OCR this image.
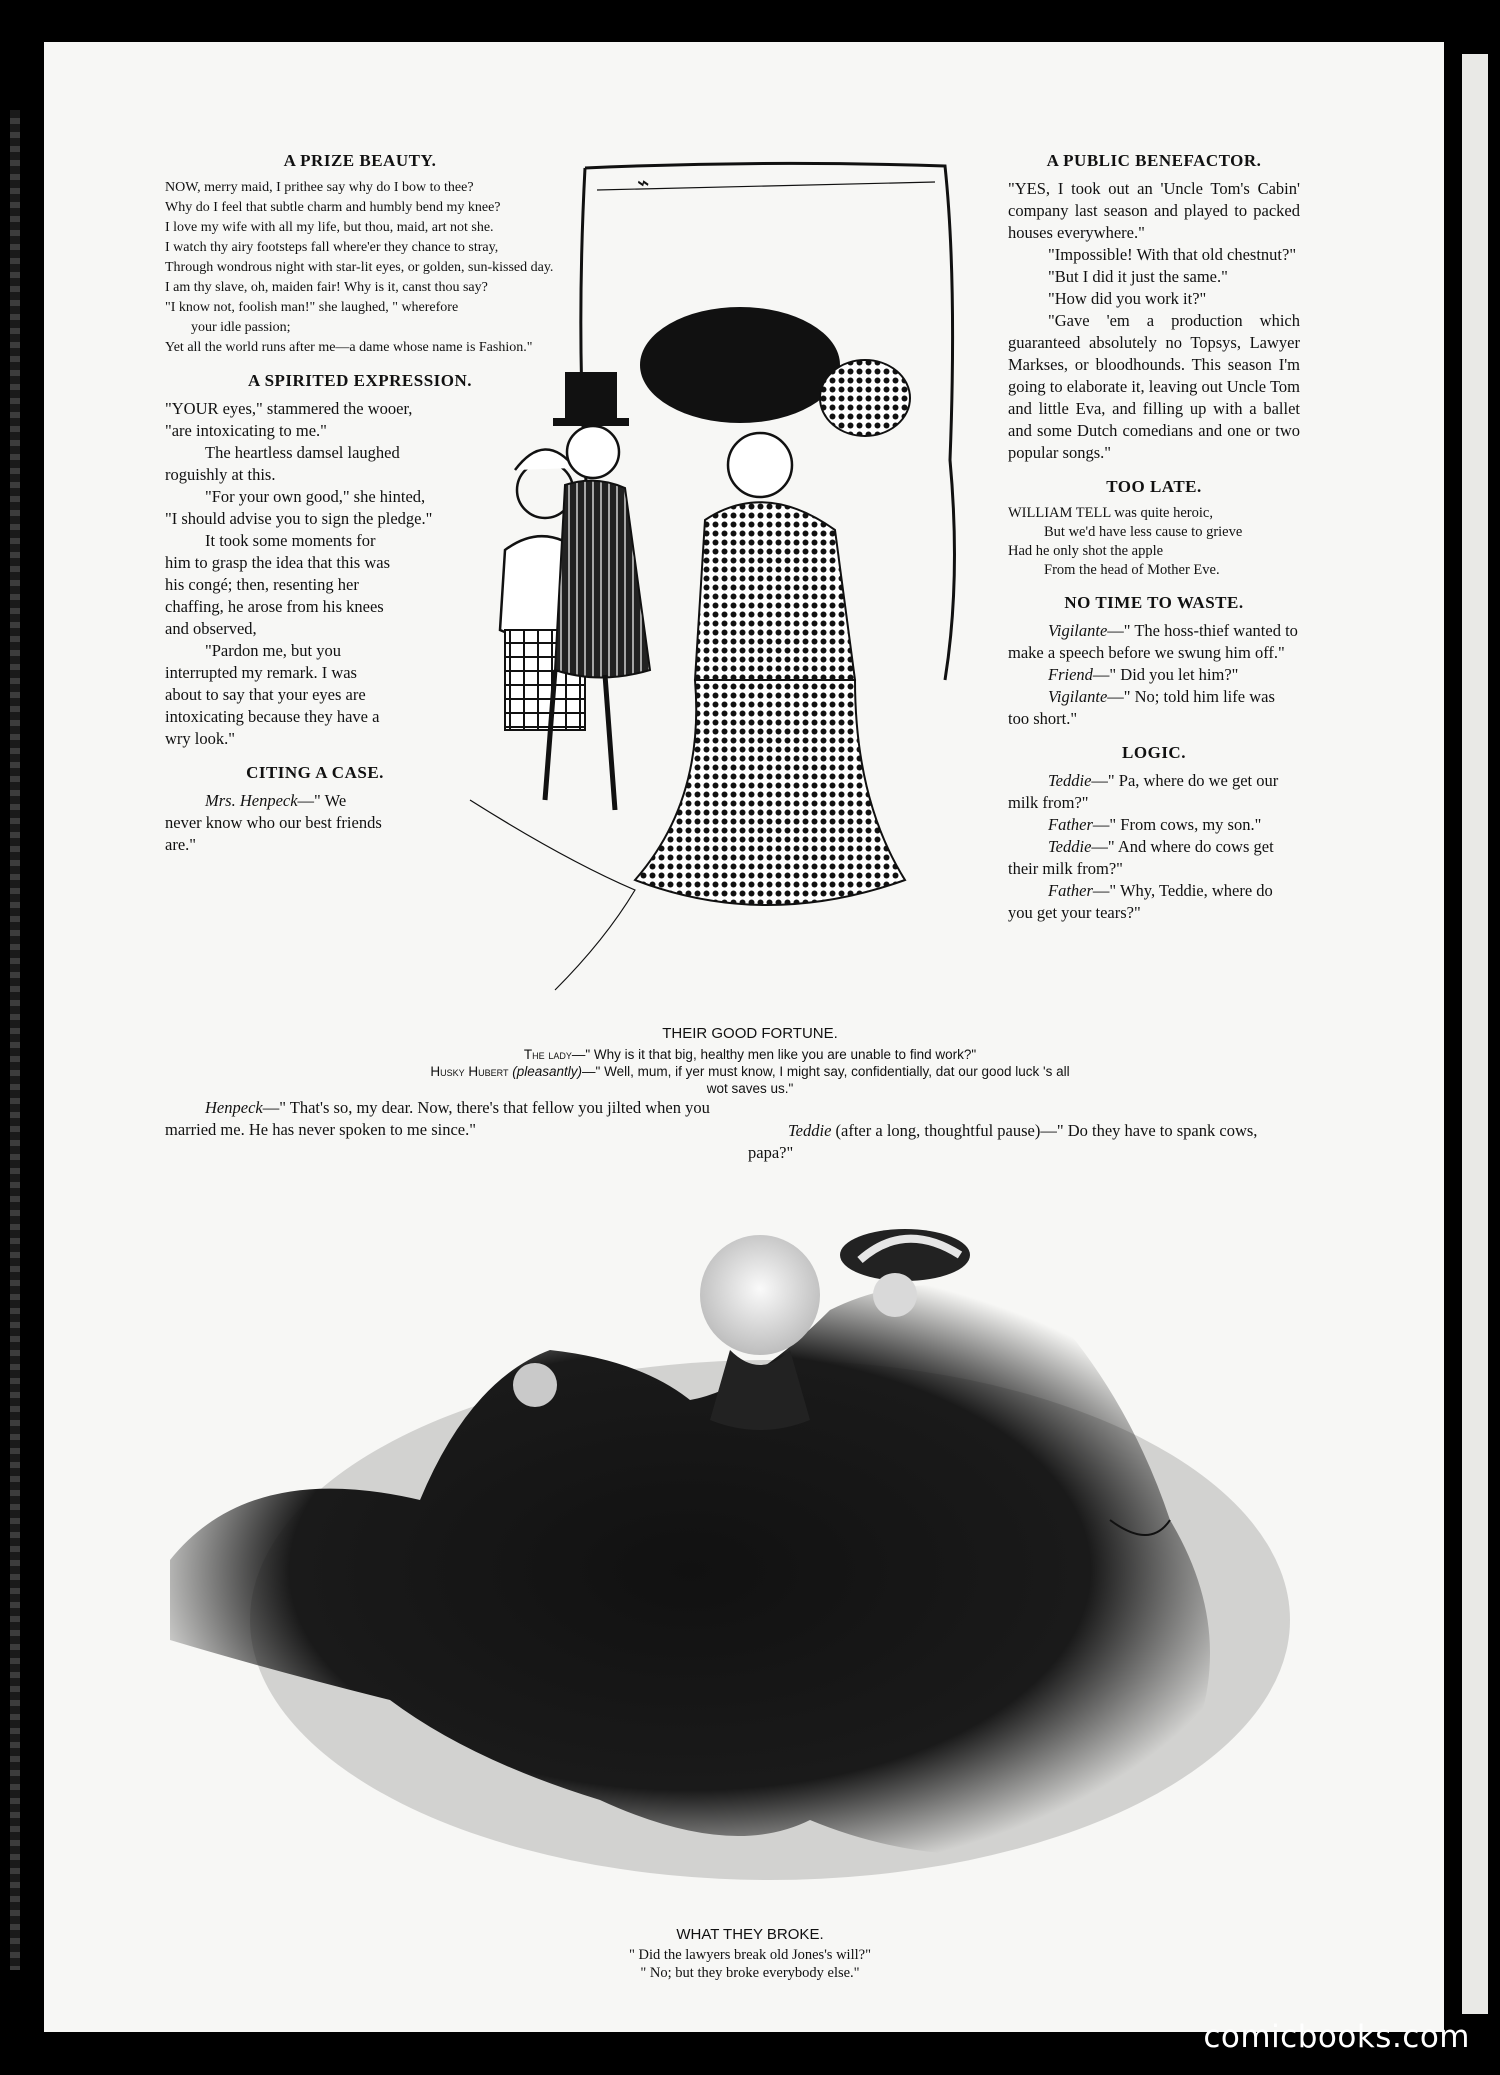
A PRIZE BEAUTY.

NOW, merry maid, I prithee say why do I bow to thee?

Why do I feel that subtle charm and humbly bend my knee?

I love my wife with all my life, but thou, maid, art not she.

I watch thy airy footsteps fall where'er they chance to stray,

Through wondrous night with star-lit eyes, or golden, sun-kissed day.

I am thy slave, oh, maiden fair! Why is it, canst thou say?

"I know not, foolish man!" she laughed, " wherefore your idle passion;

Yet all the world runs after me—a dame whose name is Fashion."

A SPIRITED EXPRESSION.

"YOUR eyes," stammered the wooer, "are intoxicating to me."

The heartless damsel laughed roguishly at this.

"For your own good," she hinted, "I should advise you to sign the pledge."

It took some moments for him to grasp the idea that this was his congé; then, resenting her chaffing, he arose from his knees and observed,

"Pardon me, but you interrupted my remark. I was about to say that your eyes are intoxicating because they have a wry look."

CITING A CASE.

Mrs. Henpeck—" We never know who our best friends are."

Henpeck—" That's so, my dear. Now, there's that fellow you jilted when you married me. He has never spoken to me since."

⌁
THEIR GOOD FORTUNE.
The lady—" Why is it that big, healthy men like you are unable to find work?"
Husky Hubert (pleasantly)—" Well, mum, if yer must know, I might say, confidentially, dat our good luck 's all wot saves us."
A PUBLIC BENEFACTOR.

"YES, I took out an 'Uncle Tom's Cabin' company last season and played to packed houses everywhere."

"Impossible! With that old chestnut?"

"But I did it just the same."

"How did you work it?"

"Gave 'em a production which guaranteed absolutely no Topsys, Lawyer Markses, or bloodhounds. This season I'm going to elaborate it, leaving out Uncle Tom and little Eva, and filling up with a ballet and some Dutch comedians and one or two popular songs."

TOO LATE.

WILLIAM TELL was quite heroic,

But we'd have less cause to grieve

Had he only shot the apple

From the head of Mother Eve.

NO TIME TO WASTE.

Vigilante—" The hoss-thief wanted to make a speech before we swung him off."

Friend—" Did you let him?"

Vigilante—" No; told him life was too short."

LOGIC.

Teddie—" Pa, where do we get our milk from?"

Father—" From cows, my son."

Teddie—" And where do cows get their milk from?"

Father—" Why, Teddie, where do you get your tears?"

Teddie (after a long, thoughtful pause)—" Do they have to spank cows, papa?"

WHAT THEY BROKE.
" Did the lawyers break old Jones's will?"
" No; but they broke everybody else."
comicbooks.com
